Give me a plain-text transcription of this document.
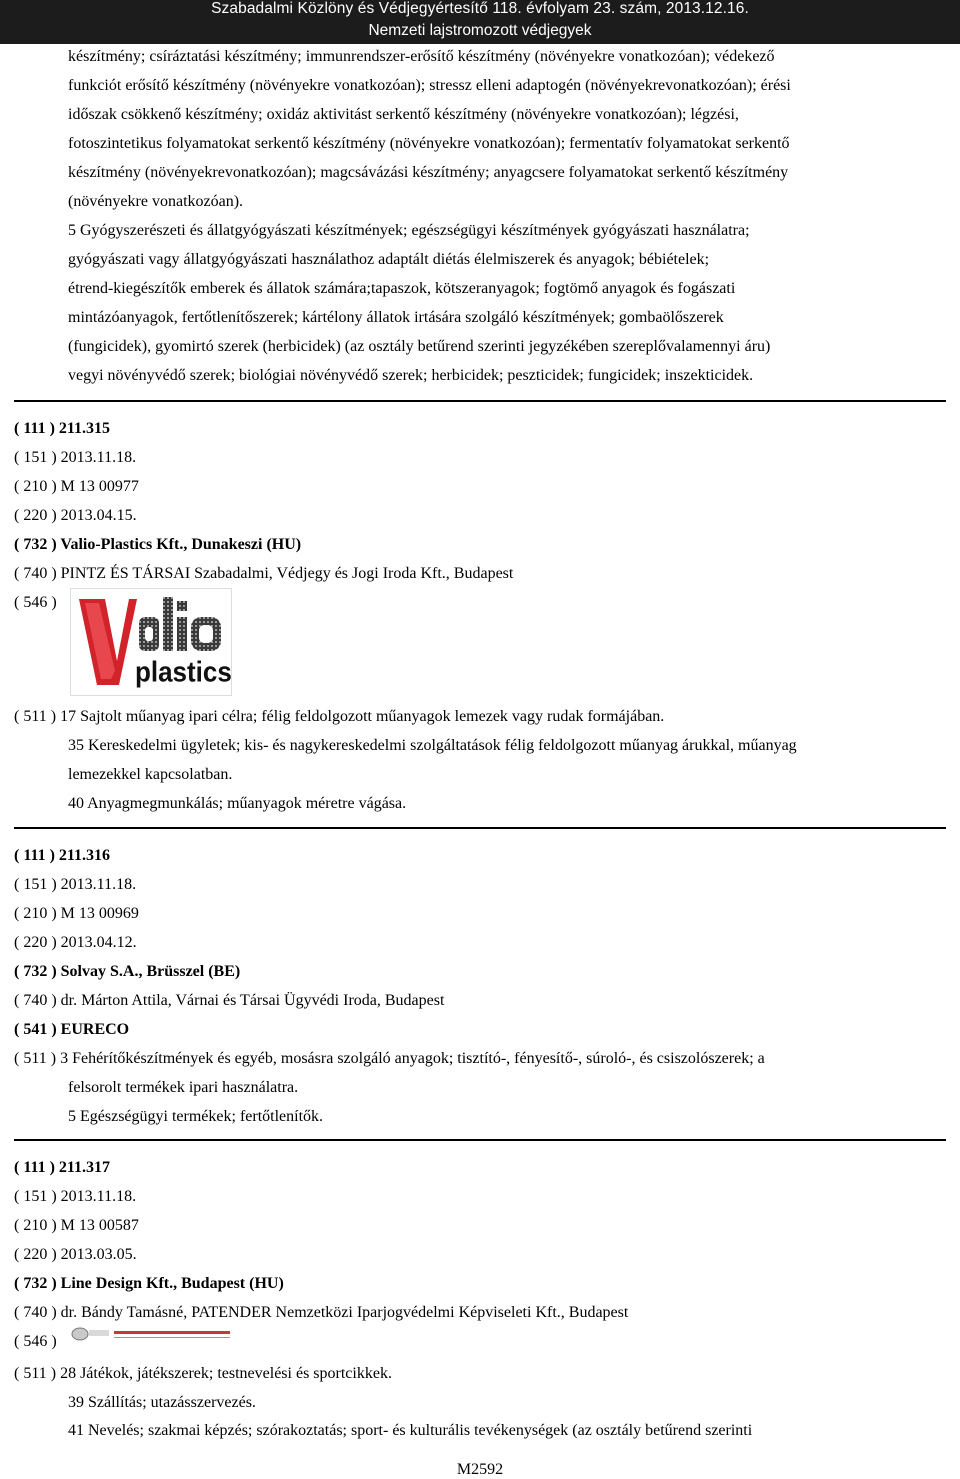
Szabadalmi Közlöny és Védjegyértesítő 118. évfolyam 23. szám, 2013.12.16.
Nemzeti lajstromozott védjegyek
készítmény; csíráztatási készítmény; immunrendszer-erősítő készítmény (növényekre vonatkozóan); védekező
funkciót erősítő készítmény (növényekre vonatkozóan); stressz elleni adaptogén (növényekrevonatkozóan); érési
időszak csökkenő készítmény; oxidáz aktivitást serkentő készítmény (növényekre vonatkozóan); légzési,
fotoszintetikus folyamatokat serkentő készítmény (növényekre vonatkozóan); fermentatív folyamatokat serkentő
készítmény (növényekrevonatkozóan); magcsávázási készítmény; anyagcsere folyamatokat serkentő készítmény
(növényekre vonatkozóan).
5 Gyógyszerészeti és állatgyógyászati készítmények; egészségügyi készítmények gyógyászati használatra;
gyógyászati vagy állatgyógyászati használathoz adaptált diétás élelmiszerek és anyagok; bébiételek;
étrend-kiegészítők emberek és állatok számára;tapaszok, kötszeranyagok; fogtömő anyagok és fogászati
mintázóanyagok, fertőtlenítőszerek; kártélony állatok irtására szolgáló készítmények; gombaölőszerek
(fungicidek), gyomirtó szerek (herbicidek) (az osztály betűrend szerinti jegyzékében szereplővalamennyi áru)
vegyi növényvédő szerek; biológiai növényvédő szerek; herbicidek; peszticidek; fungicidek; inszekticidek.
( 111 ) 211.315
( 151 ) 2013.11.18.
( 210 ) M 13 00977
( 220 ) 2013.04.15.
( 732 ) Valio-Plastics Kft., Dunakeszi (HU)
( 740 ) PINTZ ÉS TÁRSAI Szabadalmi, Védjegy és Jogi Iroda Kft., Budapest
( 546 )
Valio
plastics
( 511 ) 17 Sajtolt műanyag ipari célra; félig feldolgozott műanyagok lemezek vagy rudak formájában.
35 Kereskedelmi ügyletek; kis- és nagykereskedelmi szolgáltatások félig feldolgozott műanyag árukkal, műanyag
lemezekkel kapcsolatban.
40 Anyagmegmunkálás; műanyagok méretre vágása.
( 111 ) 211.316
( 151 ) 2013.11.18.
( 210 ) M 13 00969
( 220 ) 2013.04.12.
( 732 ) Solvay S.A., Brüsszel (BE)
( 740 ) dr. Márton Attila, Várnai és Társai Ügyvédi Iroda, Budapest
( 541 ) EURECO
( 511 ) 3 Fehérítőkészítmények és egyéb, mosásra szolgáló anyagok; tisztító-, fényesítő-, súroló-, és csiszolószerek; a
felsorolt termékek ipari használatra.
5 Egészségügyi termékek; fertőtlenítők.
( 111 ) 211.317
( 151 ) 2013.11.18.
( 210 ) M 13 00587
( 220 ) 2013.03.05.
( 732 ) Line Design Kft., Budapest (HU)
( 740 ) dr. Bándy Tamásné, PATENDER Nemzetközi Iparjogvédelmi Képviseleti Kft., Budapest
( 546 )
( 511 ) 28 Játékok, játékszerek; testnevelési és sportcikkek.
39 Szállítás; utazásszervezés.
41 Nevelés; szakmai képzés; szórakoztatás; sport- és kulturális tevékenységek (az osztály betűrend szerinti
M2592
